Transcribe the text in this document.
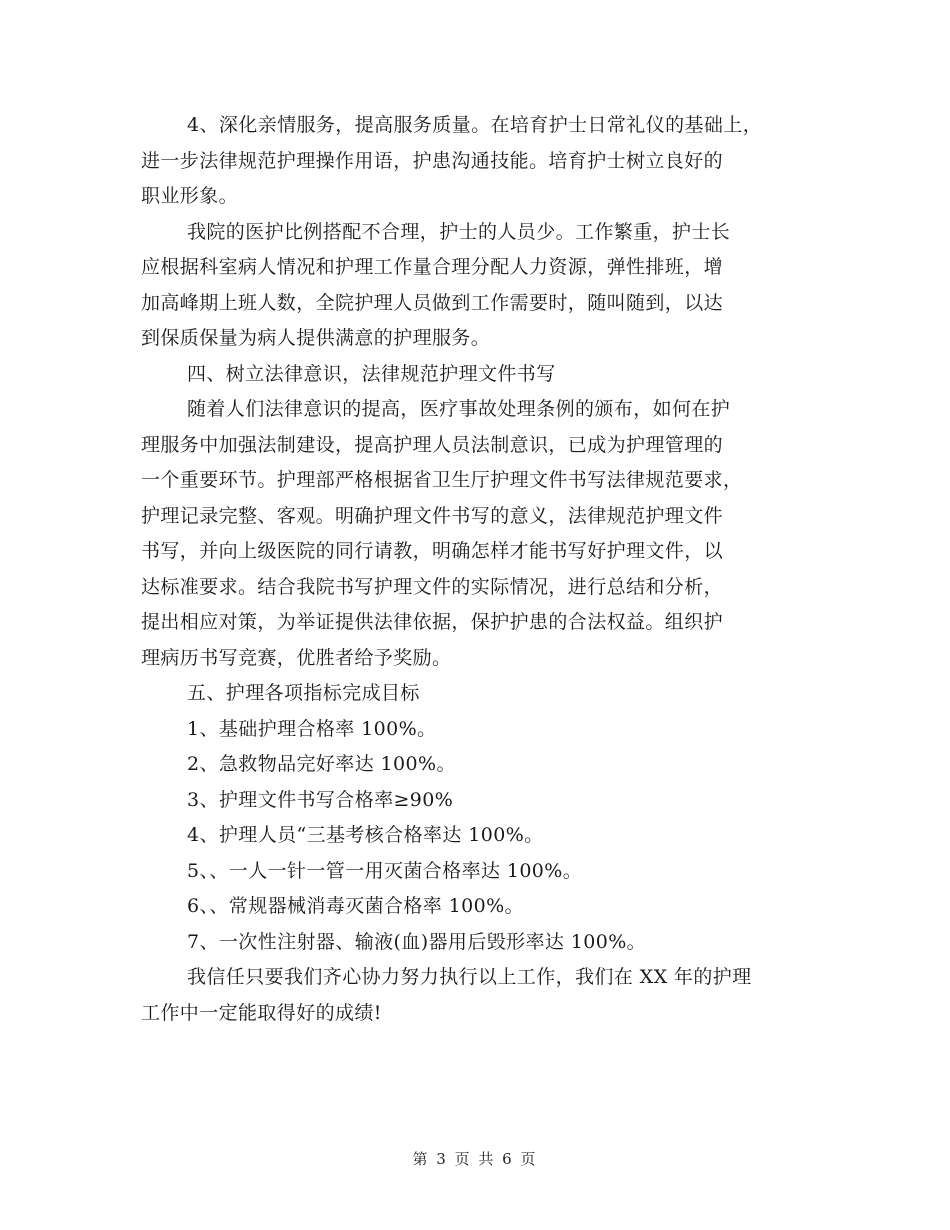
4、深化亲情服务，提高服务质量。在培育护士日常礼仪的基础上，
进一步法律规范护理操作用语，护患沟通技能。培育护士树立良好的
职业形象。
我院的医护比例搭配不合理，护士的人员少。工作繁重，护士长
应根据科室病人情况和护理工作量合理分配人力资源，弹性排班，增
加高峰期上班人数，全院护理人员做到工作需要时，随叫随到，以达
到保质保量为病人提供满意的护理服务。
四、树立法律意识，法律规范护理文件书写
随着人们法律意识的提高，医疗事故处理条例的颁布，如何在护
理服务中加强法制建设，提高护理人员法制意识，已成为护理管理的
一个重要环节。护理部严格根据省卫生厅护理文件书写法律规范要求，
护理记录完整、客观。明确护理文件书写的意义，法律规范护理文件
书写，并向上级医院的同行请教，明确怎样才能书写好护理文件，以
达标准要求。结合我院书写护理文件的实际情况，进行总结和分析，
提出相应对策，为举证提供法律依据，保护护患的合法权益。组织护
理病历书写竞赛，优胜者给予奖励。
五、护理各项指标完成目标
1、基础护理合格率 100%。
2、急救物品完好率达 100%。
3、护理文件书写合格率≥90%
4、护理人员“三基考核合格率达 100%。
5、、一人一针一管一用灭菌合格率达 100%。
6、、常规器械消毒灭菌合格率 100%。
7、一次性注射器、输液(血)器用后毁形率达 100%。
我信任只要我们齐心协力努力执行以上工作，我们在 XX 年的护理
工作中一定能取得好的成绩!
第 3 页 共 6 页
